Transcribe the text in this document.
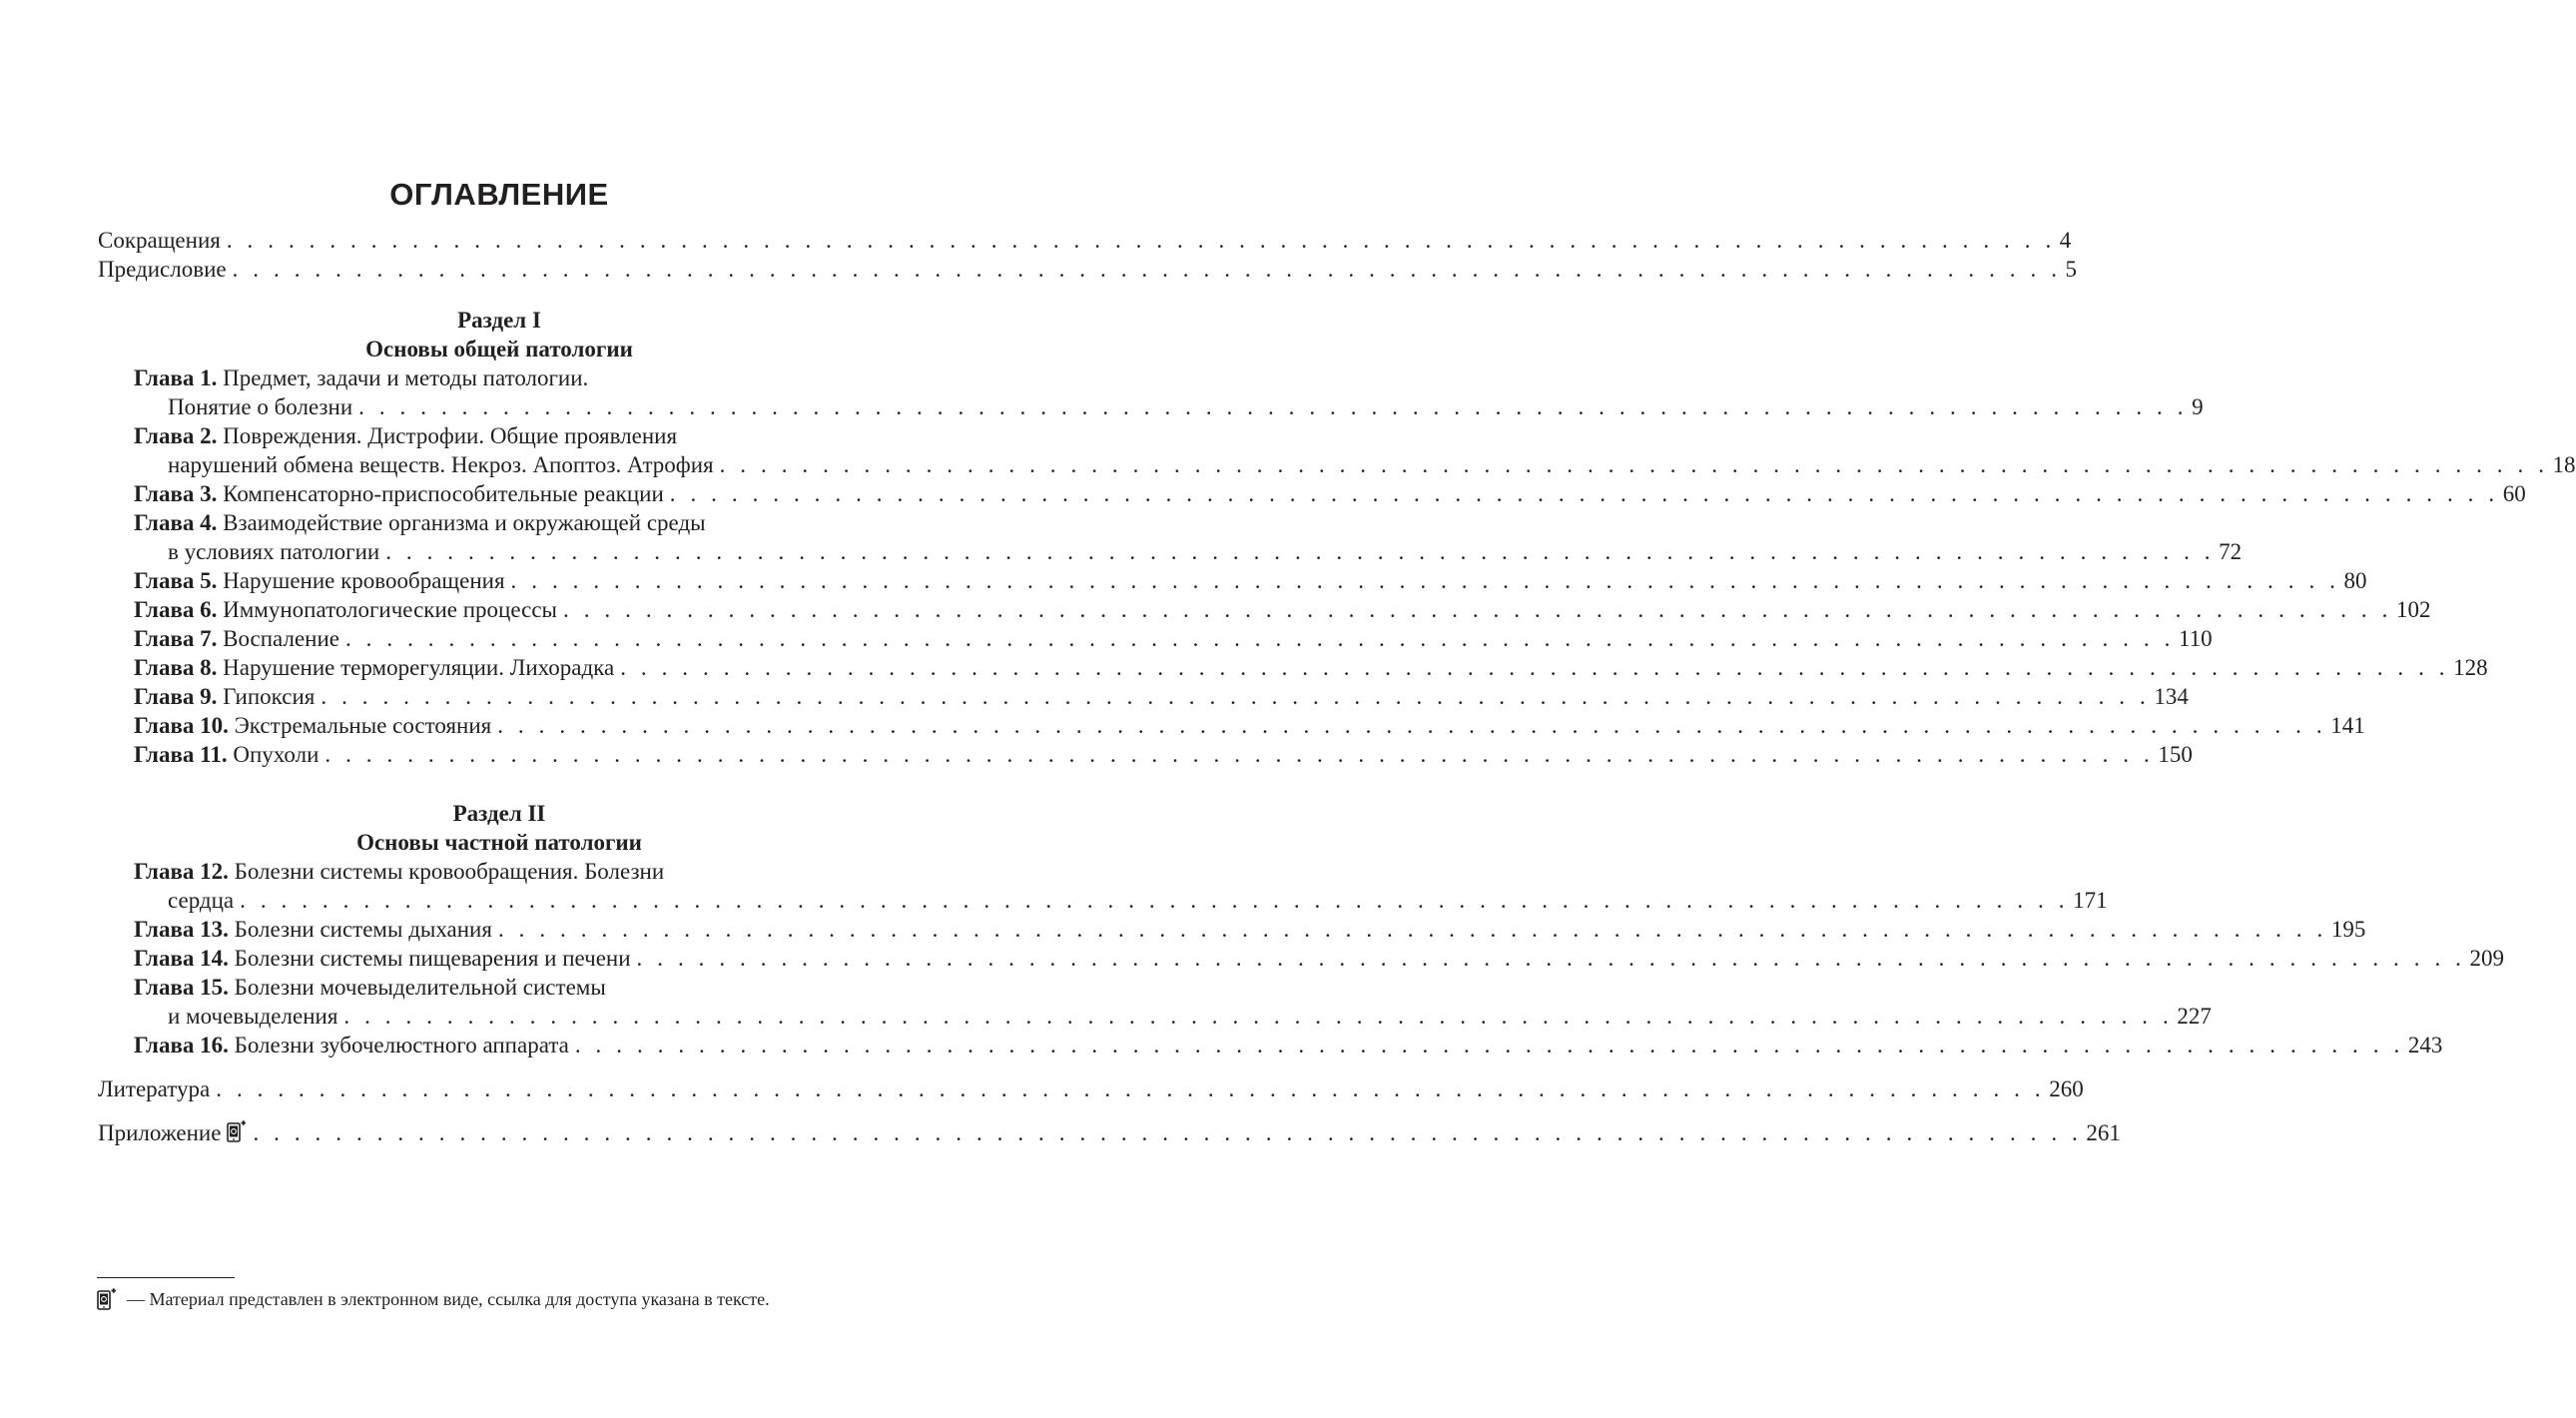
ОГЛАВЛЕНИЕ
Сокращения . . . . . . . . . . . . . . . . . . . . . . . . . . . . . . . . . . . . . . . . . . . . . . . . . . . . . . . . . . . . . . . . . . . . . . . . . . . . . . . . . . . . . . . . . 4
Предисловие . . . . . . . . . . . . . . . . . . . . . . . . . . . . . . . . . . . . . . . . . . . . . . . . . . . . . . . . . . . . . . . . . . . . . . . . . . . . . . . . . . . . . . . . . 5
Раздел I
Основы общей патологии
Глава 1. Предмет, задачи и методы патологии.
Понятие о болезни . . . . . . . . . . . . . . . . . . . . . . . . . . . . . . . . . . . . . . . . . . . . . . . . . . . . . . . . . . . . . . . . . . . . . . . . . . . . . . . . . . . . . . . . . 9
Глава 2. Повреждения. Дистрофии. Общие проявления
нарушений обмена веществ. Некроз. Апоптоз. Атрофия . . . . . . . . . . . . . . . . . . . . . . . . . . . . . . . . . . . . . . . . . . . . . . . . . . . . . . . . . . . . . . . . . . . . . . . . . . . . . . . . . . . . . . . . . 18
Глава 3. Компенсаторно-приспособительные реакции . . . . . . . . . . . . . . . . . . . . . . . . . . . . . . . . . . . . . . . . . . . . . . . . . . . . . . . . . . . . . . . . . . . . . . . . . . . . . . . . . . . . . . . . . 60
Глава 4. Взаимодействие организма и окружающей среды
в условиях патологии . . . . . . . . . . . . . . . . . . . . . . . . . . . . . . . . . . . . . . . . . . . . . . . . . . . . . . . . . . . . . . . . . . . . . . . . . . . . . . . . . . . . . . . . . 72
Глава 5. Нарушение кровообращения . . . . . . . . . . . . . . . . . . . . . . . . . . . . . . . . . . . . . . . . . . . . . . . . . . . . . . . . . . . . . . . . . . . . . . . . . . . . . . . . . . . . . . . . . 80
Глава 6. Иммунопатологические процессы . . . . . . . . . . . . . . . . . . . . . . . . . . . . . . . . . . . . . . . . . . . . . . . . . . . . . . . . . . . . . . . . . . . . . . . . . . . . . . . . . . . . . . . . . 102
Глава 7. Воспаление . . . . . . . . . . . . . . . . . . . . . . . . . . . . . . . . . . . . . . . . . . . . . . . . . . . . . . . . . . . . . . . . . . . . . . . . . . . . . . . . . . . . . . . . . 110
Глава 8. Нарушение терморегуляции. Лихорадка . . . . . . . . . . . . . . . . . . . . . . . . . . . . . . . . . . . . . . . . . . . . . . . . . . . . . . . . . . . . . . . . . . . . . . . . . . . . . . . . . . . . . . . . . 128
Глава 9. Гипоксия . . . . . . . . . . . . . . . . . . . . . . . . . . . . . . . . . . . . . . . . . . . . . . . . . . . . . . . . . . . . . . . . . . . . . . . . . . . . . . . . . . . . . . . . . 134
Глава 10. Экстремальные состояния . . . . . . . . . . . . . . . . . . . . . . . . . . . . . . . . . . . . . . . . . . . . . . . . . . . . . . . . . . . . . . . . . . . . . . . . . . . . . . . . . . . . . . . . . 141
Глава 11. Опухоли . . . . . . . . . . . . . . . . . . . . . . . . . . . . . . . . . . . . . . . . . . . . . . . . . . . . . . . . . . . . . . . . . . . . . . . . . . . . . . . . . . . . . . . . . 150
Раздел II
Основы частной патологии
Глава 12. Болезни системы кровообращения. Болезни
сердца . . . . . . . . . . . . . . . . . . . . . . . . . . . . . . . . . . . . . . . . . . . . . . . . . . . . . . . . . . . . . . . . . . . . . . . . . . . . . . . . . . . . . . . . . 171
Глава 13. Болезни системы дыхания . . . . . . . . . . . . . . . . . . . . . . . . . . . . . . . . . . . . . . . . . . . . . . . . . . . . . . . . . . . . . . . . . . . . . . . . . . . . . . . . . . . . . . . . . 195
Глава 14. Болезни системы пищеварения и печени . . . . . . . . . . . . . . . . . . . . . . . . . . . . . . . . . . . . . . . . . . . . . . . . . . . . . . . . . . . . . . . . . . . . . . . . . . . . . . . . . . . . . . . . . 209
Глава 15. Болезни мочевыделительной системы
и мочевыделения . . . . . . . . . . . . . . . . . . . . . . . . . . . . . . . . . . . . . . . . . . . . . . . . . . . . . . . . . . . . . . . . . . . . . . . . . . . . . . . . . . . . . . . . . 227
Глава 16. Болезни зубочелюстного аппарата . . . . . . . . . . . . . . . . . . . . . . . . . . . . . . . . . . . . . . . . . . . . . . . . . . . . . . . . . . . . . . . . . . . . . . . . . . . . . . . . . . . . . . . . . 243
Литература . . . . . . . . . . . . . . . . . . . . . . . . . . . . . . . . . . . . . . . . . . . . . . . . . . . . . . . . . . . . . . . . . . . . . . . . . . . . . . . . . . . . . . . . . 260
Приложение	. . . . . . . . . . . . . . . . . . . . . . . . . . . . . . . . . . . . . . . . . . . . . . . . . . . . . . . . . . . . . . . . . . . . . . . . . . . . . . . . . . . . . . . . . 261
— Материал представлен в электронном виде, ссылка для доступа указана в тексте.
